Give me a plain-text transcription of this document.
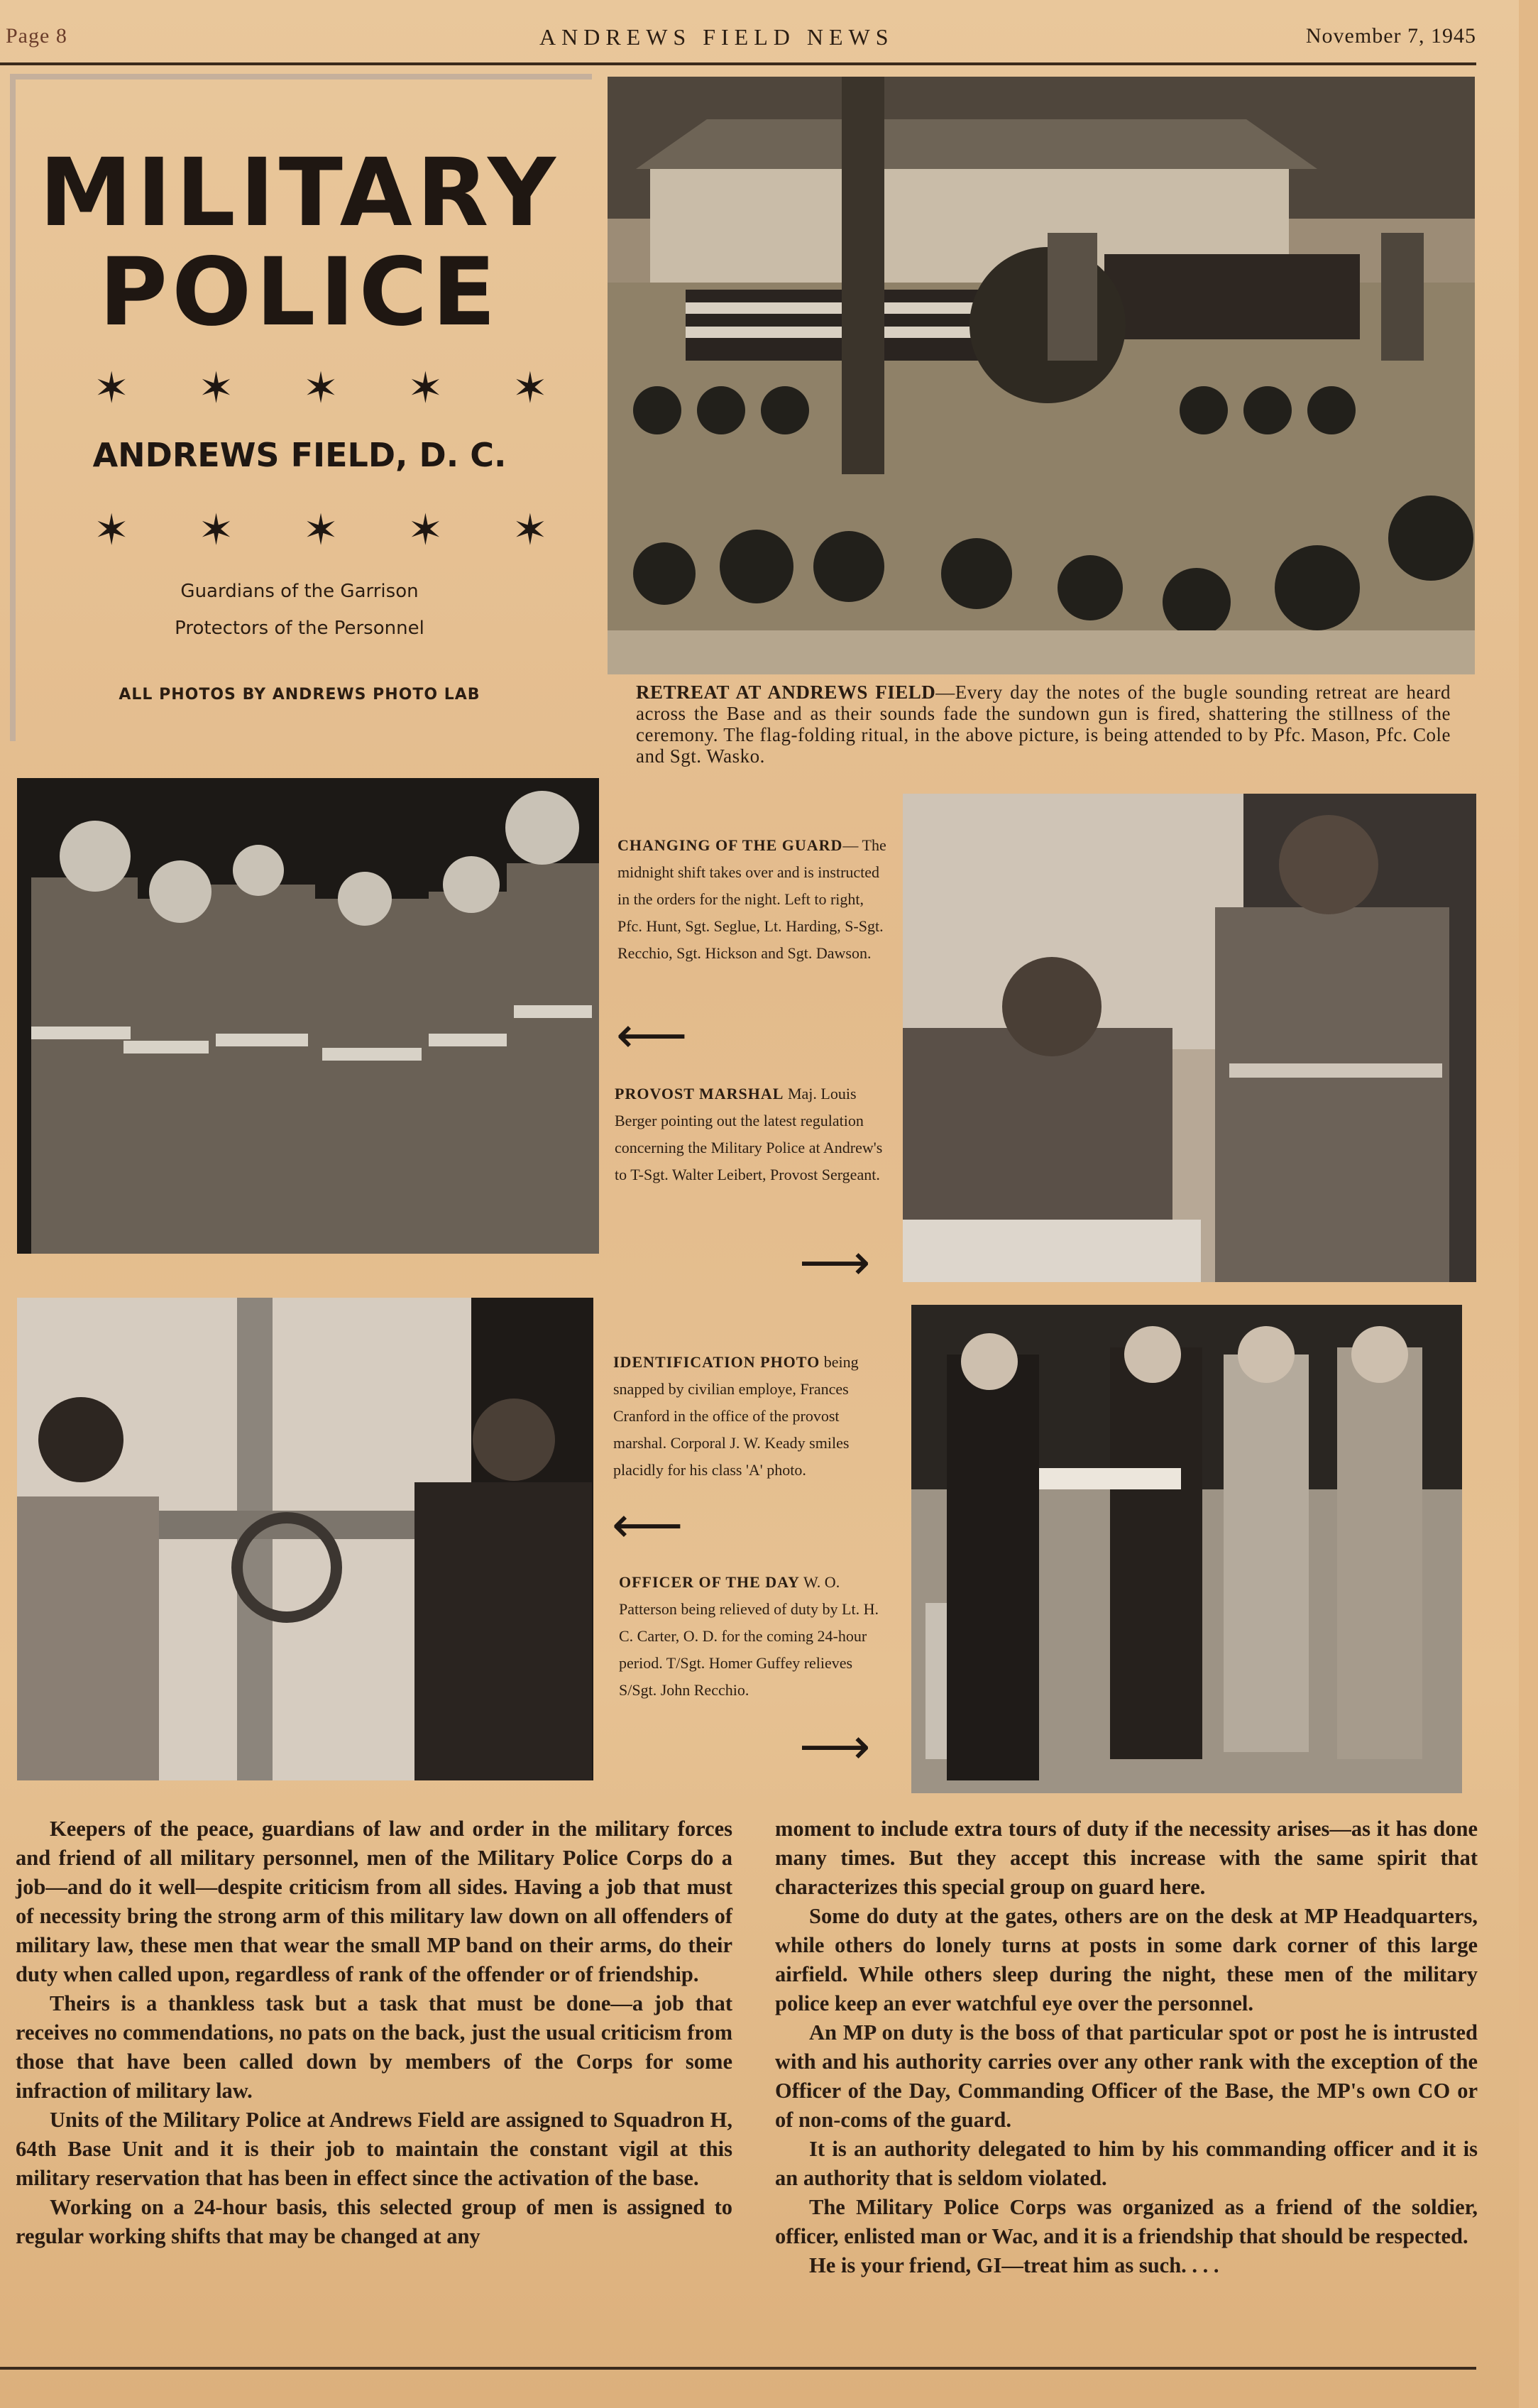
Page 8	ANDREWS FIELD NEWS	November 7, 1945
MILITARY
POLICE
✶ ✶ ✶ ✶ ✶
ANDREWS FIELD, D. C.
✶ ✶ ✶ ✶ ✶
Guardians of the Garrison
Protectors of the Personnel
ALL PHOTOS BY ANDREWS PHOTO LAB	RETREAT AT ANDREWS FIELD—Every day the notes of the bugle sounding retreat are heard across the Base and as their sounds fade the sundown gun is fired, shattering the stillness of the ceremony. The flag-folding ritual, in the above picture, is being attended to by Pfc. Mason, Pfc. Cole and Sgt. Wasko.
CHANGING OF THE GUARD— The midnight shift takes over and is instructed in the orders for the night. Left to right, Pfc. Hunt, Sgt. Seglue, Lt. Harding, S-Sgt. Recchio, Sgt. Hickson and Sgt. Dawson.
⟵
PROVOST MARSHAL Maj. Louis Berger pointing out the latest regulation concerning the Military Police at Andrew's to T-Sgt. Walter Leibert, Provost Sergeant.
⟶
IDENTIFICATION PHOTO being snapped by civilian employe, Frances Cranford in the office of the provost marshal. Corporal J. W. Keady smiles placidly for his class 'A' photo.
⟵
OFFICER OF THE DAY W. O. Patterson being relieved of duty by Lt. H. C. Carter, O. D. for the coming 24-hour period. T/Sgt. Homer Guffey relieves S/Sgt. John Recchio.
⟶

Keepers of the peace, guardians of law and order in the military forces and friend of all military personnel, men of the Military Police Corps do a job—and do it well—despite criticism from all sides. Having a job that must of necessity bring the strong arm of this military law down on all offenders of military law, these men that wear the small MP band on their arms, do their duty when called upon, regardless of rank of the offender or of friendship.

Theirs is a thankless task but a task that must be done—a job that receives no commendations, no pats on the back, just the usual criticism from those that have been called down by members of the Corps for some infraction of military law.

Units of the Military Police at Andrews Field are assigned to Squadron H, 64th Base Unit and it is their job to maintain the constant vigil at this military reservation that has been in effect since the activation of the base.

Working on a 24-hour basis, this selected group of men is assigned to regular working shifts that may be changed at any

moment to include extra tours of duty if the necessity arises—as it has done many times. But they accept this increase with the same spirit that characterizes this special group on guard here.

Some do duty at the gates, others are on the desk at MP Headquarters, while others do lonely turns at posts in some dark corner of this large airfield. While others sleep during the night, these men of the military police keep an ever watchful eye over the personnel.

An MP on duty is the boss of that particular spot or post he is intrusted with and his authority carries over any other rank with the exception of the Officer of the Day, Commanding Officer of the Base, the MP's own CO or of non-coms of the guard.

It is an authority delegated to him by his commanding officer and it is an authority that is seldom violated.

The Military Police Corps was organized as a friend of the soldier, officer, enlisted man or Wac, and it is a friendship that should be respected.

He is your friend, GI—treat him as such. . . .
